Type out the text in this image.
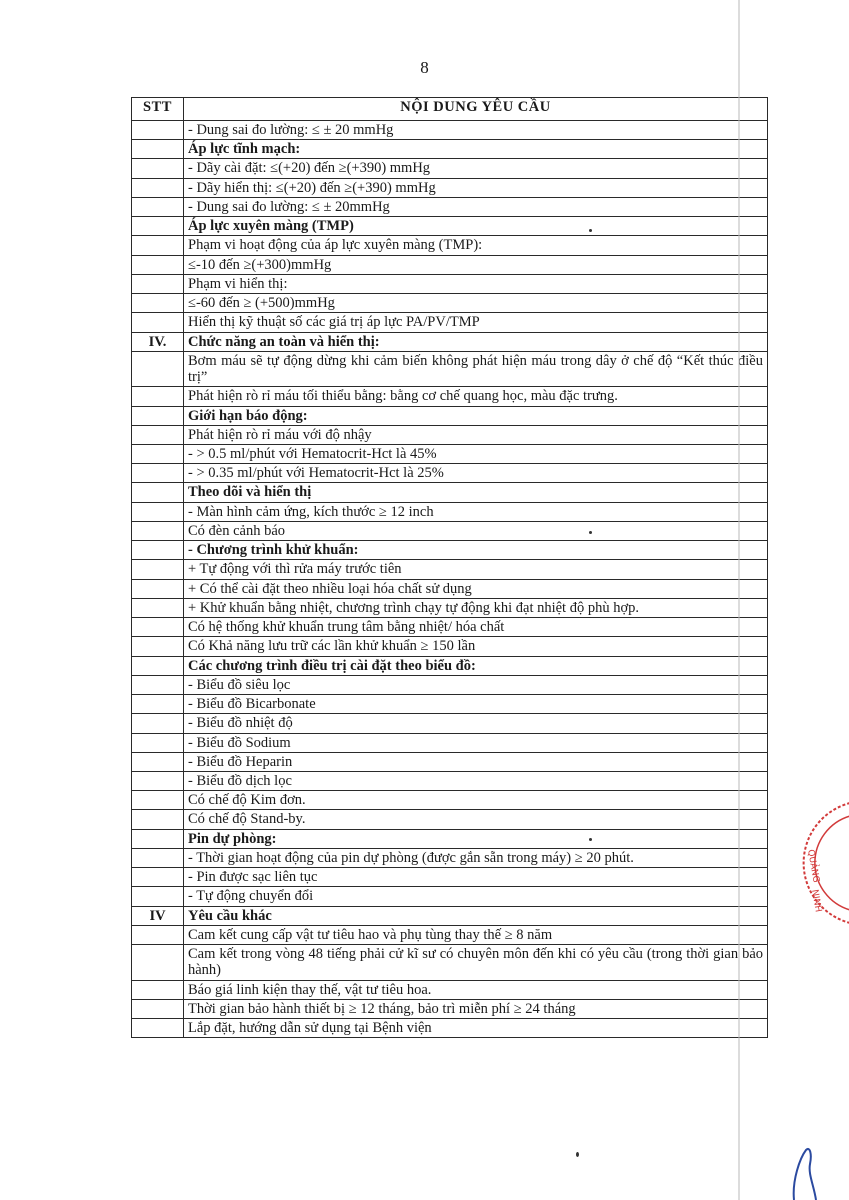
8
STT	NỘI DUNG YÊU CẦU
	- Dung sai đo lường: ≤ ± 20 mmHg
	Áp lực tĩnh mạch:
	- Dãy cài đặt: ≤(+20) đến ≥(+390) mmHg
	- Dãy hiển thị: ≤(+20) đến ≥(+390) mmHg
	- Dung sai đo lường: ≤ ± 20mmHg
	Áp lực xuyên màng (TMP)
	Phạm vi hoạt động của áp lực xuyên màng (TMP):
	≤-10 đến ≥(+300)mmHg
	Phạm vi hiển thị:
	≤-60 đến ≥ (+500)mmHg
	Hiển thị kỹ thuật số các giá trị áp lực PA/PV/TMP
IV.	Chức năng an toàn và hiển thị:
	Bơm máu sẽ tự động dừng khi cảm biến không phát hiện máu trong dây ở chế độ “Kết thúc điều trị”
	Phát hiện rò rỉ máu tối thiểu bằng: bằng cơ chế quang học, màu đặc trưng.
	Giới hạn báo động:
	Phát hiện rò rỉ máu với độ nhậy
	- > 0.5 ml/phút với Hematocrit-Hct là 45%
	- > 0.35 ml/phút với Hematocrit-Hct là 25%
	Theo dõi và hiển thị
	- Màn hình cảm ứng, kích thước ≥ 12 inch
	Có đèn cảnh báo
	- Chương trình khử khuẩn:
	+ Tự động với thì rửa máy trước tiên
	+ Có thể cài đặt theo nhiều loại hóa chất sử dụng
	+ Khử khuẩn bằng nhiệt, chương trình chạy tự động khi đạt nhiệt độ phù hợp.
	Có hệ thống khử khuẩn trung tâm bằng nhiệt/ hóa chất
	Có Khả năng lưu trữ các lần khử khuẩn ≥ 150 lần
	Các chương trình điều trị cài đặt theo biểu đồ:
	- Biểu đồ siêu lọc
	- Biểu đồ Bicarbonate
	- Biểu đồ nhiệt độ
	- Biểu đồ Sodium
	- Biểu đồ Heparin
	- Biểu đồ dịch lọc
	Có chế độ Kim đơn.
	Có chế độ Stand-by.
	Pin dự phòng:
	- Thời gian hoạt động của pin dự phòng (được gắn sẵn trong máy) ≥ 20 phút.
	- Pin được sạc liên tục
	- Tự động chuyển đổi
IV	Yêu cầu khác
	Cam kết cung cấp vật tư tiêu hao và phụ tùng thay thế ≥ 8 năm
	Cam kết trong vòng 48 tiếng phải cử kĩ sư có chuyên môn đến khi có yêu cầu (trong thời gian bảo hành)
	Báo giá linh kiện thay thế, vật tư tiêu hoa.
	Thời gian bảo hành thiết bị ≥ 12 tháng, bảo trì miễn phí ≥ 24 tháng
	Lắp đặt, hướng dẫn sử dụng tại Bệnh viện
QUẢNG
NINH
